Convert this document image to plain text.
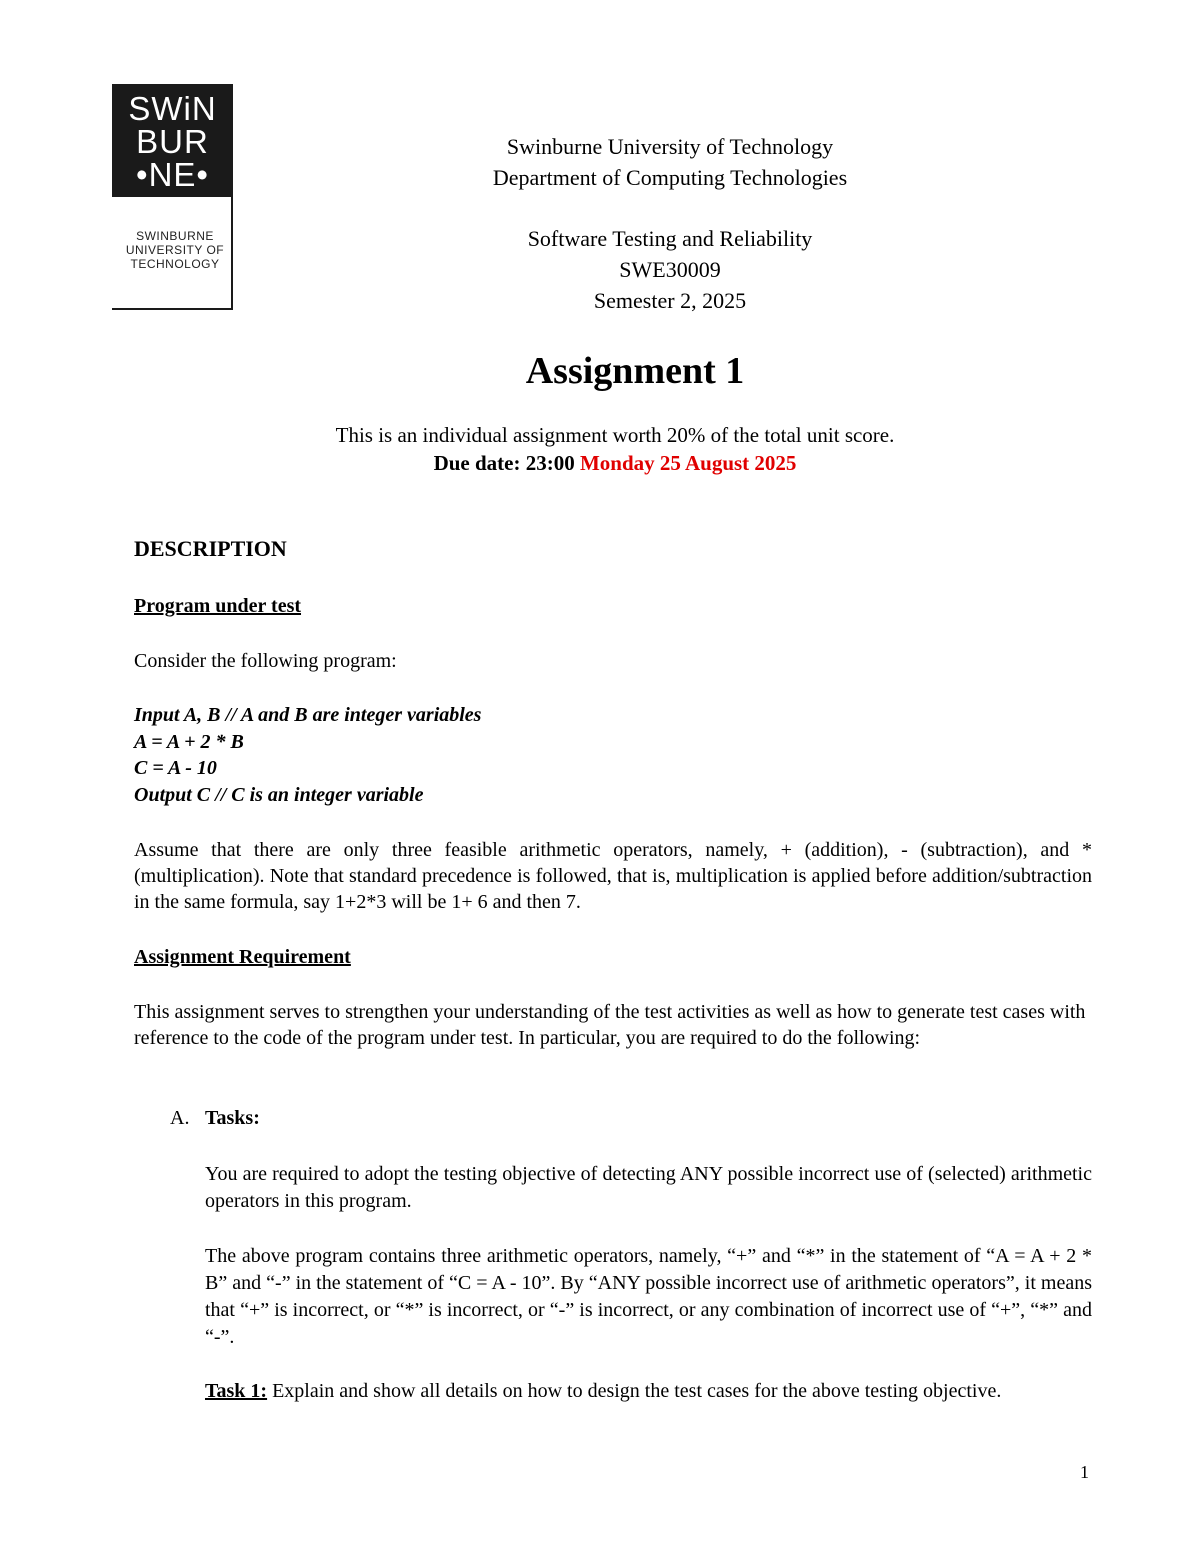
SWiN
BUR
•NE•
SWINBURNE
UNIVERSITY OF
TECHNOLOGY
Swinburne University of Technology
Department of Computing Technologies
Software Testing and Reliability
SWE30009
Semester 2, 2025
Assignment 1
This is an individual assignment worth 20% of the total unit score.
Due date: 23:00 Monday 25 August 2025
DESCRIPTION
Program under test
Consider the following program:
Input A, B // A and B are integer variables
A = A + 2 * B
C = A - 10
Output C // C is an integer variable
Assume that there are only three feasible arithmetic operators, namely, + (addition), - (subtraction), and * (multiplication). Note that standard precedence is followed, that is, multiplication is applied before addition/subtraction in the same formula, say 1+2*3 will be 1+ 6 and then 7.
Assignment Requirement
This assignment serves to strengthen your understanding of the test activities as well as how to generate test cases with reference to the code of the program under test. In particular, you are required to do the following:
A. Tasks:
You are required to adopt the testing objective of detecting ANY possible incorrect use of (selected) arithmetic operators in this program.
The above program contains three arithmetic operators, namely, “+” and “*” in the statement of “A = A + 2 * B” and “-” in the statement of “C = A - 10”. By “ANY possible incorrect use of arithmetic operators”, it means that “+” is incorrect, or “*” is incorrect, or “-” is incorrect, or any combination of incorrect use of “+”, “*” and “-”.
Task 1: Explain and show all details on how to design the test cases for the above testing objective.
1
